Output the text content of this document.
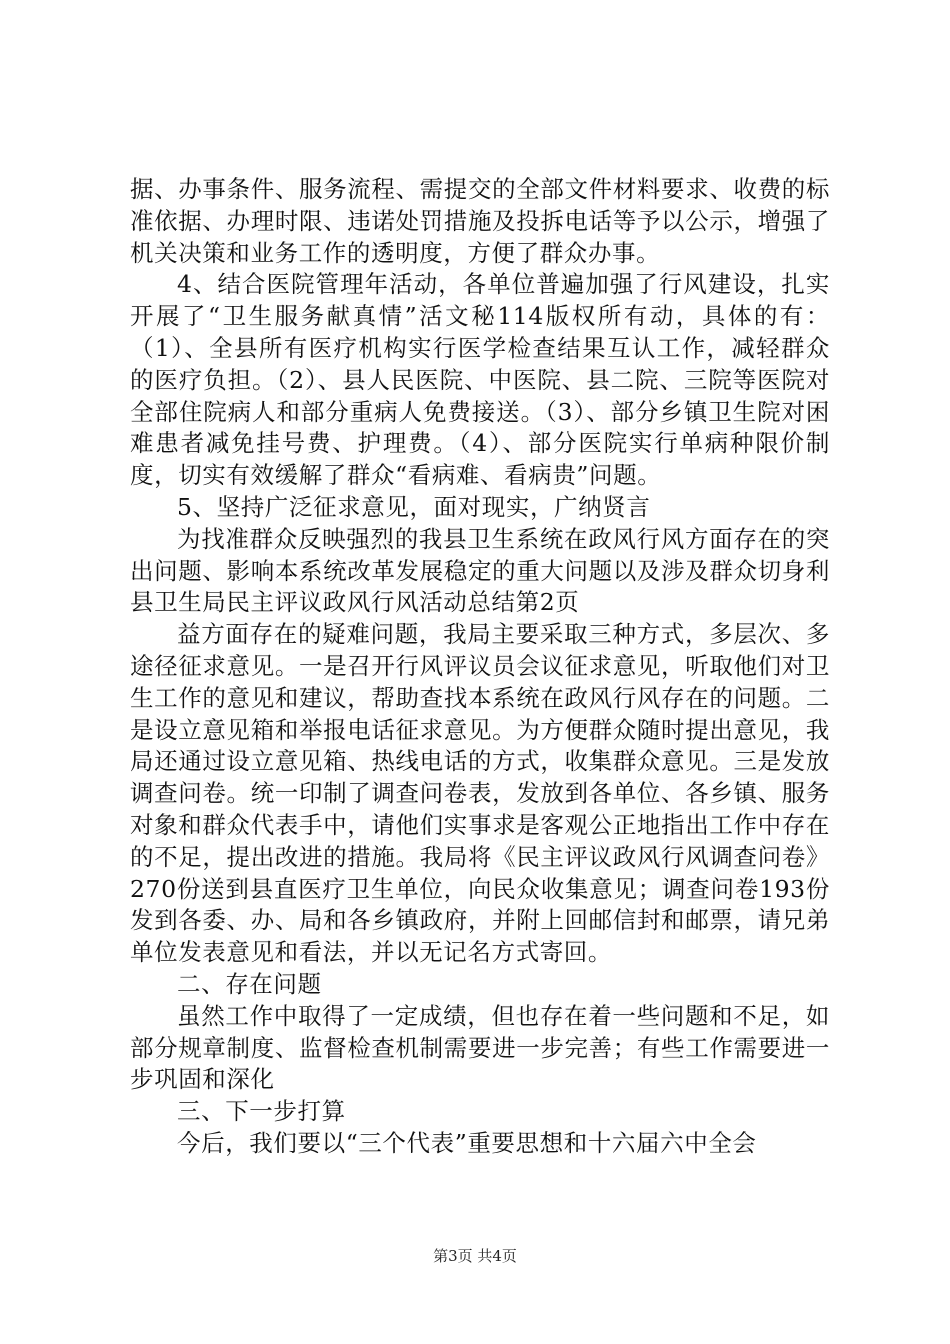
据、办事条件、服务流程、需提交的全部文件材料要求、收费的标准依据、办理时限、违诺处罚措施及投拆电话等予以公示，增强了机关决策和业务工作的透明度，方便了群众办事。

4、结合医院管理年活动，各单位普遍加强了行风建设，扎实开展了“卫生服务献真情”活文秘114版权所有动，具体的有：（1）、全县所有医疗机构实行医学检查结果互认工作，减轻群众的医疗负担。（2）、县人民医院、中医院、县二院、三院等医院对全部住院病人和部分重病人免费接送。（3）、部分乡镇卫生院对困难患者减免挂号费、护理费。（4）、部分医院实行单病种限价制度，切实有效缓解了群众“看病难、看病贵”问题。

5、坚持广泛征求意见，面对现实，广纳贤言

为找准群众反映强烈的我县卫生系统在政风行风方面存在的突出问题、影响本系统改革发展稳定的重大问题以及涉及群众切身利县卫生局民主评议政风行风活动总结第2页

益方面存在的疑难问题，我局主要采取三种方式，多层次、多途径征求意见。一是召开行风评议员会议征求意见，听取他们对卫生工作的意见和建议，帮助查找本系统在政风行风存在的问题。二是设立意见箱和举报电话征求意见。为方便群众随时提出意见，我局还通过设立意见箱、热线电话的方式，收集群众意见。三是发放调查问卷。统一印制了调查问卷表，发放到各单位、各乡镇、服务对象和群众代表手中，请他们实事求是客观公正地指出工作中存在的不足，提出改进的措施。我局将《民主评议政风行风调查问卷》270份送到县直医疗卫生单位，向民众收集意见；调查问卷193份发到各委、办、局和各乡镇政府，并附上回邮信封和邮票，请兄弟单位发表意见和看法，并以无记名方式寄回。

二、存在问题

虽然工作中取得了一定成绩，但也存在着一些问题和不足，如部分规章制度、监督检查机制需要进一步完善；有些工作需要进一步巩固和深化

三、下一步打算

今后，我们要以“三个代表”重要思想和十六届六中全会

第3页 共4页
